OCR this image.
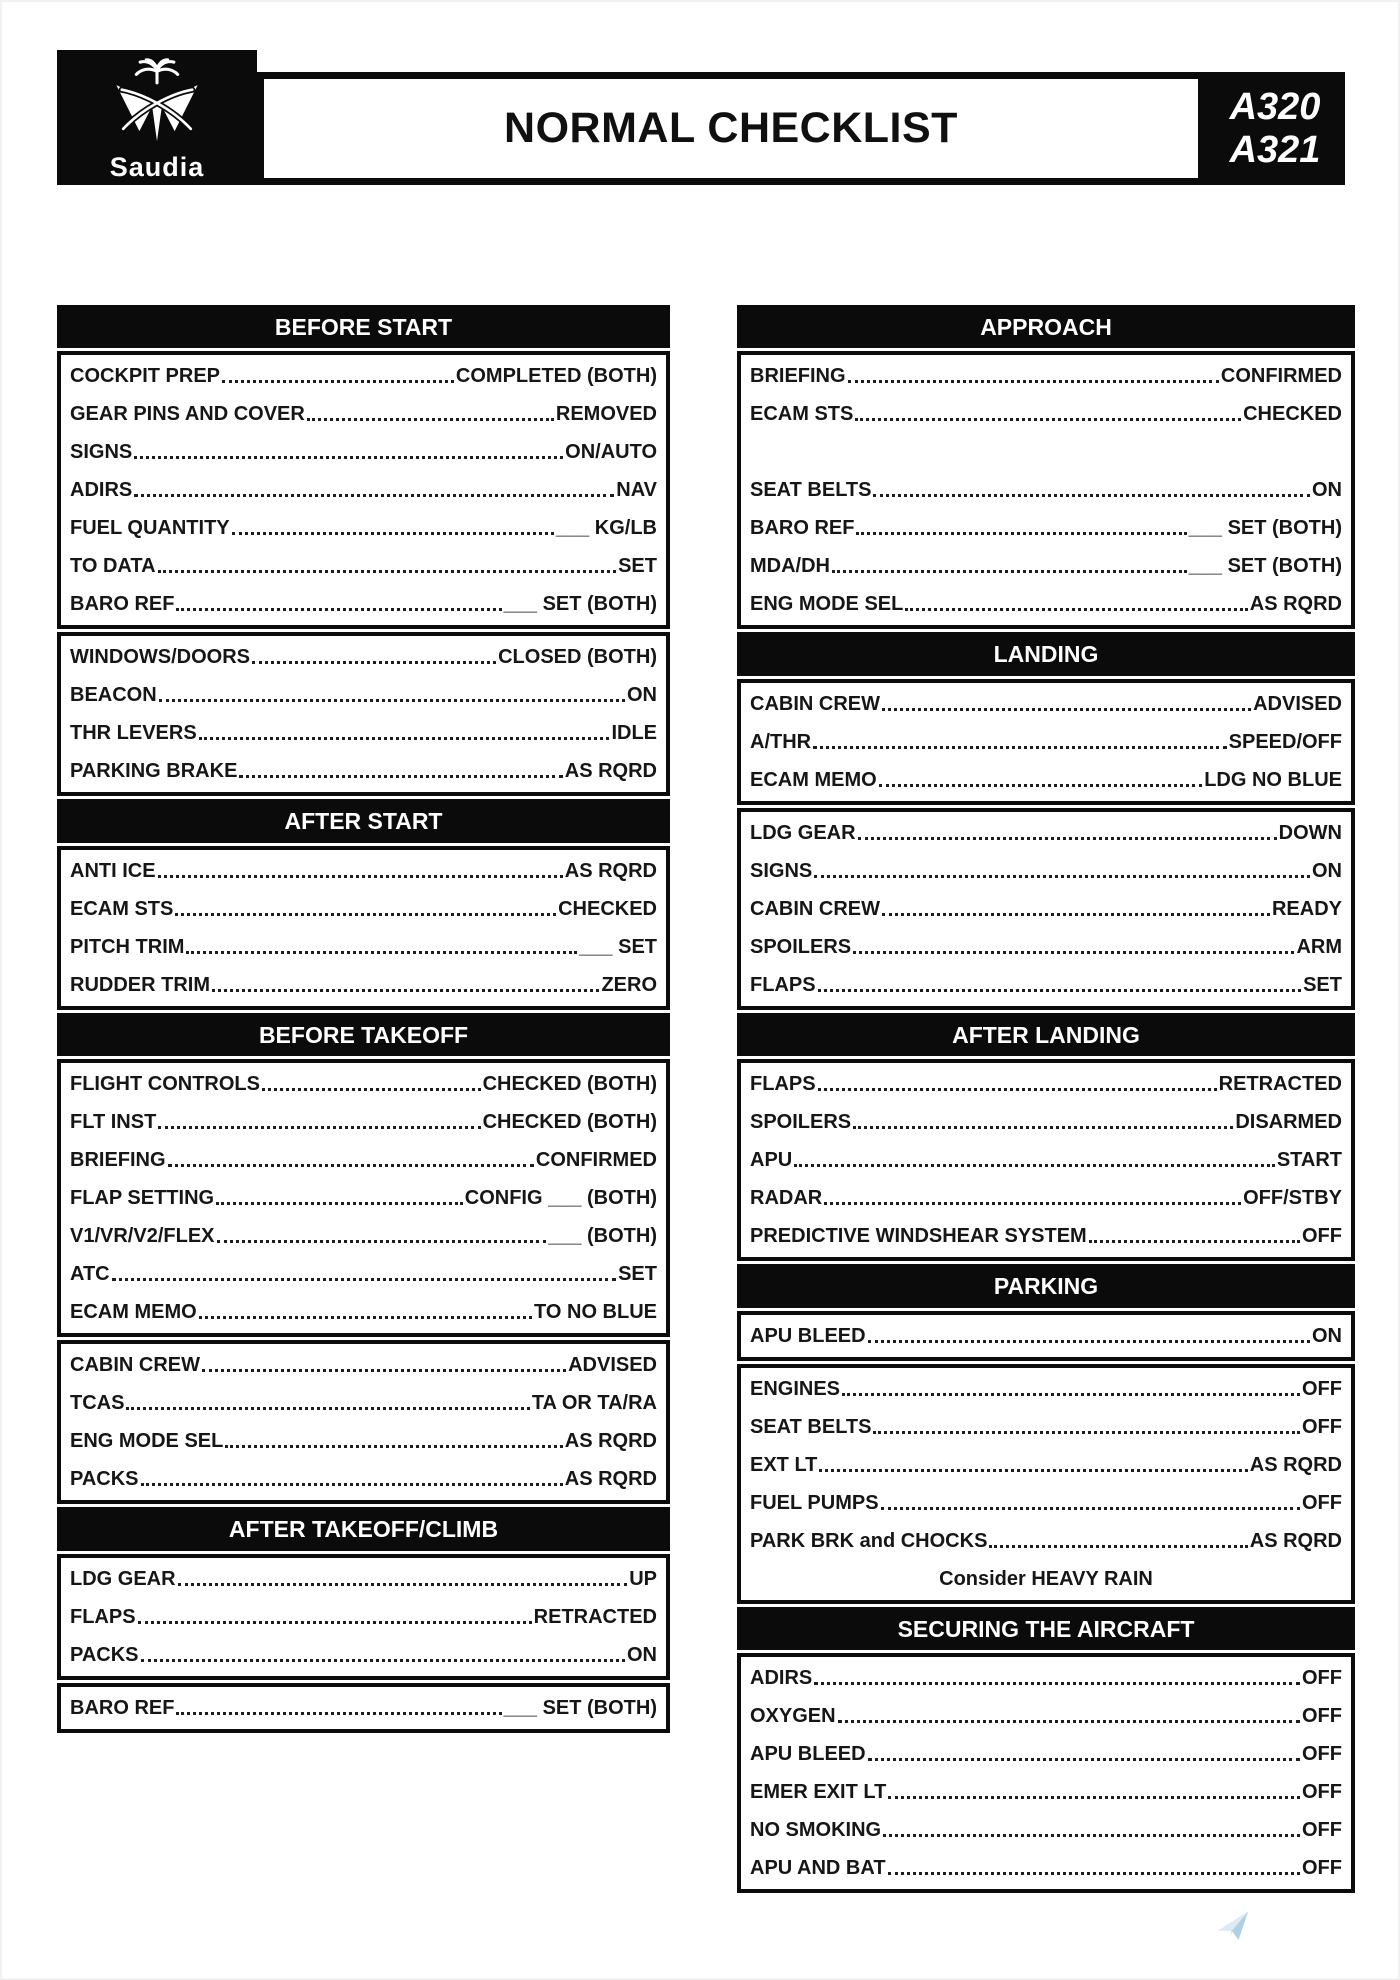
Saudia
NORMAL CHECKLIST	A320
A321
BEFORE START
COCKPIT PREP	COMPLETED (BOTH)
GEAR PINS AND COVER	REMOVED
SIGNS	ON/AUTO
ADIRS	NAV
FUEL QUANTITY	___ KG/LB
TO DATA	SET
BARO REF	___ SET (BOTH)
WINDOWS/DOORS	CLOSED (BOTH)
BEACON	ON
THR LEVERS	IDLE
PARKING BRAKE	AS RQRD
AFTER START
ANTI ICE	AS RQRD
ECAM STS	CHECKED
PITCH TRIM	___ SET
RUDDER TRIM	ZERO
BEFORE TAKEOFF
FLIGHT CONTROLS	CHECKED (BOTH)
FLT INST	CHECKED (BOTH)
BRIEFING	CONFIRMED
FLAP SETTING	CONFIG ___ (BOTH)
V1/VR/V2/FLEX	___ (BOTH)
ATC	SET
ECAM MEMO	TO NO BLUE
CABIN CREW	ADVISED
TCAS	TA OR TA/RA
ENG MODE SEL	AS RQRD
PACKS	AS RQRD
AFTER TAKEOFF/CLIMB
LDG GEAR	UP
FLAPS	RETRACTED
PACKS	ON
BARO REF	___ SET (BOTH)
APPROACH
BRIEFING	CONFIRMED
ECAM STS	CHECKED
SEAT BELTS	ON
BARO REF	___ SET (BOTH)
MDA/DH	___ SET (BOTH)
ENG MODE SEL	AS RQRD
LANDING
CABIN CREW	ADVISED
A/THR	SPEED/OFF
ECAM MEMO	LDG NO BLUE
LDG GEAR	DOWN
SIGNS	ON
CABIN CREW	READY
SPOILERS	ARM
FLAPS	SET
AFTER LANDING
FLAPS	RETRACTED
SPOILERS	DISARMED
APU	START
RADAR	OFF/STBY
PREDICTIVE WINDSHEAR SYSTEM	OFF
PARKING
APU BLEED	ON
ENGINES	OFF
SEAT BELTS	OFF
EXT LT	AS RQRD
FUEL PUMPS	OFF
PARK BRK and CHOCKS	AS RQRD
Consider HEAVY RAIN
SECURING THE AIRCRAFT
ADIRS	OFF
OXYGEN	OFF
APU BLEED	OFF
EMER EXIT LT	OFF
NO SMOKING	OFF
APU AND BAT	OFF
